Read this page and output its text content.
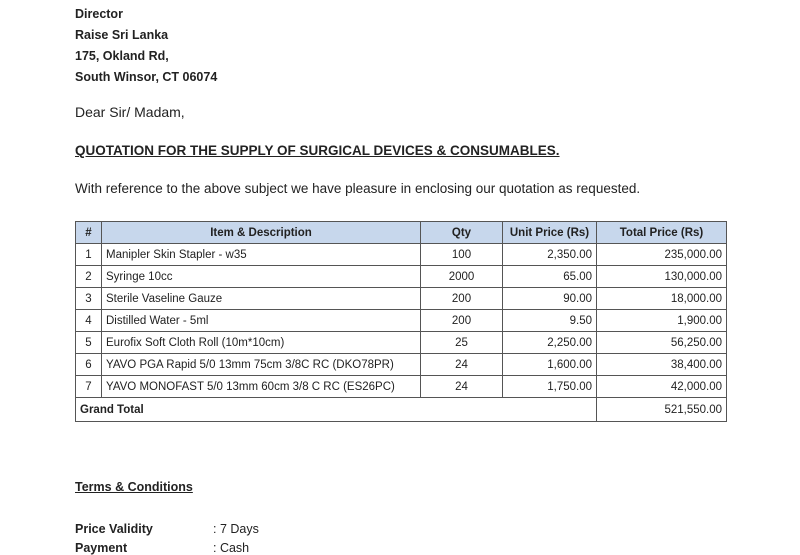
Director
Raise Sri Lanka
175, Okland Rd,
South Winsor, CT 06074
Dear Sir/ Madam,
QUOTATION FOR THE SUPPLY OF SURGICAL DEVICES & CONSUMABLES.
With reference to the above subject we have pleasure in enclosing our quotation as requested.
#	Item & Description	Qty	Unit Price (Rs)	Total Price (Rs)
1	Manipler Skin Stapler - w35	100	2,350.00	235,000.00
2	Syringe 10cc	2000	65.00	130,000.00
3	Sterile Vaseline Gauze	200	90.00	18,000.00
4	Distilled Water - 5ml	200	9.50	1,900.00
5	Eurofix Soft Cloth Roll (10m*10cm)	25	2,250.00	56,250.00
6	YAVO PGA Rapid 5/0 13mm 75cm 3/8C RC (DKO78PR)	24	1,600.00	38,400.00
7	YAVO MONOFAST 5/0 13mm 60cm 3/8 C RC (ES26PC)	24	1,750.00	42,000.00
Grand Total				521,550.00
Terms & Conditions
Price Validity	: 7 Days
Payment	: Cash
